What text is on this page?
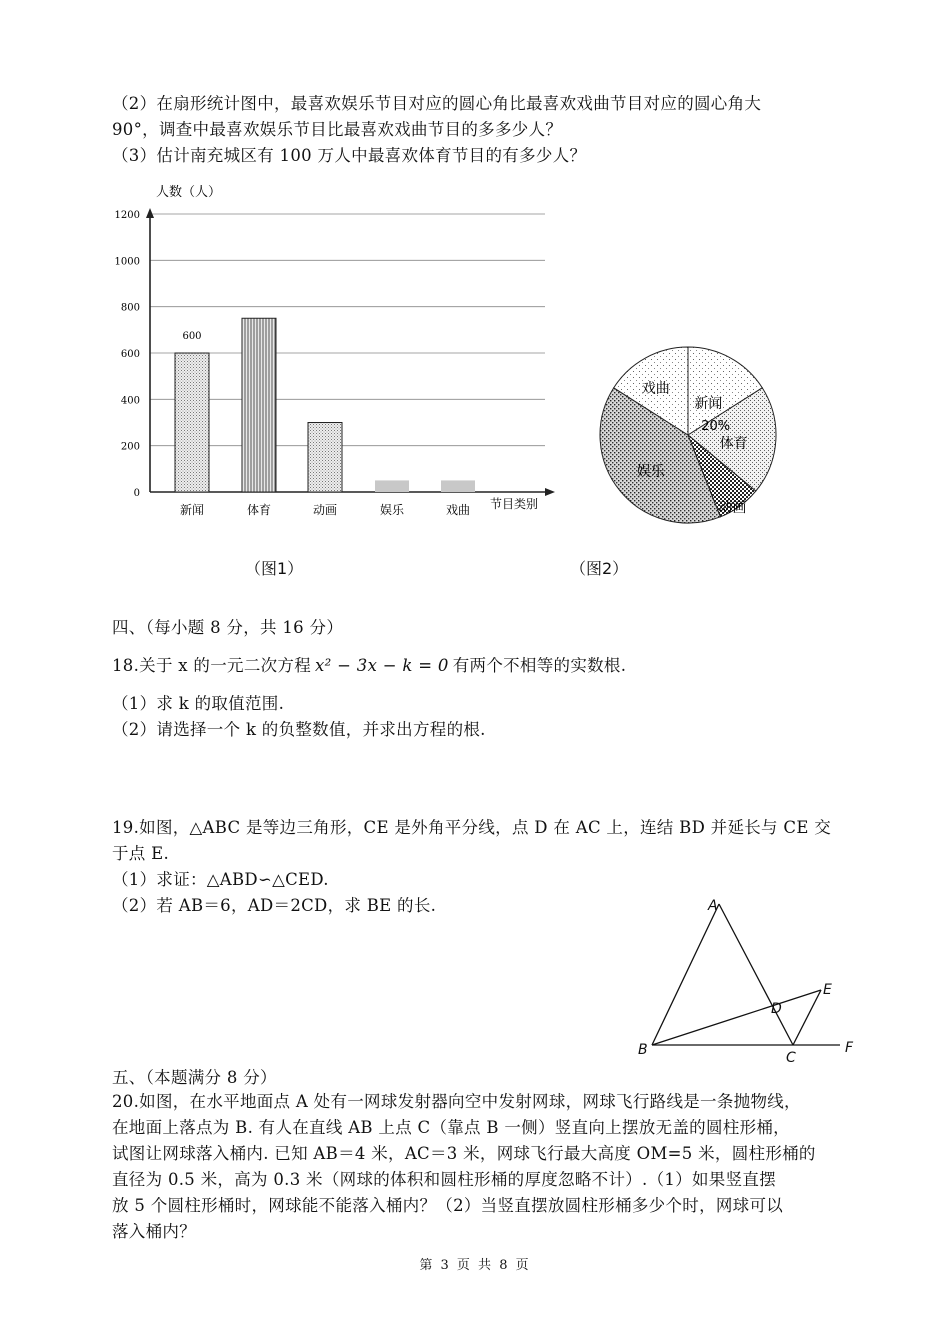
（2）在扇形统计图中，最喜欢娱乐节目对应的圆心角比最喜欢戏曲节目对应的圆心角大
90°，调查中最喜欢娱乐节目比最喜欢戏曲节目的多多少人？
（3）估计南充城区有 100 万人中最喜欢体育节目的有多少人？
人数（人）
节目类别
0
200
400
600
800
1000
1200
新闻
600
体育	动画	娱乐	戏曲
（图1）
新闻
体育
20%
动画
娱乐
戏曲
（图2）
四、（每小题 8 分，共 16 分）
18.关于 x 的一元二次方程 x² − 3x − k = 0 有两个不相等的实数根.
（1）求 k 的取值范围.
（2）请选择一个 k 的负整数值，并求出方程的根.
19.如图，△ABC 是等边三角形，CE 是外角平分线，点 D 在 AC 上，连结 BD 并延长与 CE 交
于点 E.
（1）求证：△ABD∽△CED.
（2）若 AB＝6，AD＝2CD，求 BE 的长.	A
B	C
D
E
F
五、（本题满分 8 分）
20.如图，在水平地面点 A 处有一网球发射器向空中发射网球，网球飞行路线是一条抛物线，
在地面上落点为 B. 有人在直线 AB 上点 C（靠点 B 一侧）竖直向上摆放无盖的圆柱形桶，
试图让网球落入桶内. 已知 AB＝4 米，AC＝3 米，网球飞行最大高度 OM=5 米，圆柱形桶的
直径为 0.5 米，高为 0.3 米（网球的体积和圆柱形桶的厚度忽略不计）.（1）如果竖直摆
放 5 个圆柱形桶时，网球能不能落入桶内？（2）当竖直摆放圆柱形桶多少个时，网球可以
落入桶内？
第 3 页 共 8 页
